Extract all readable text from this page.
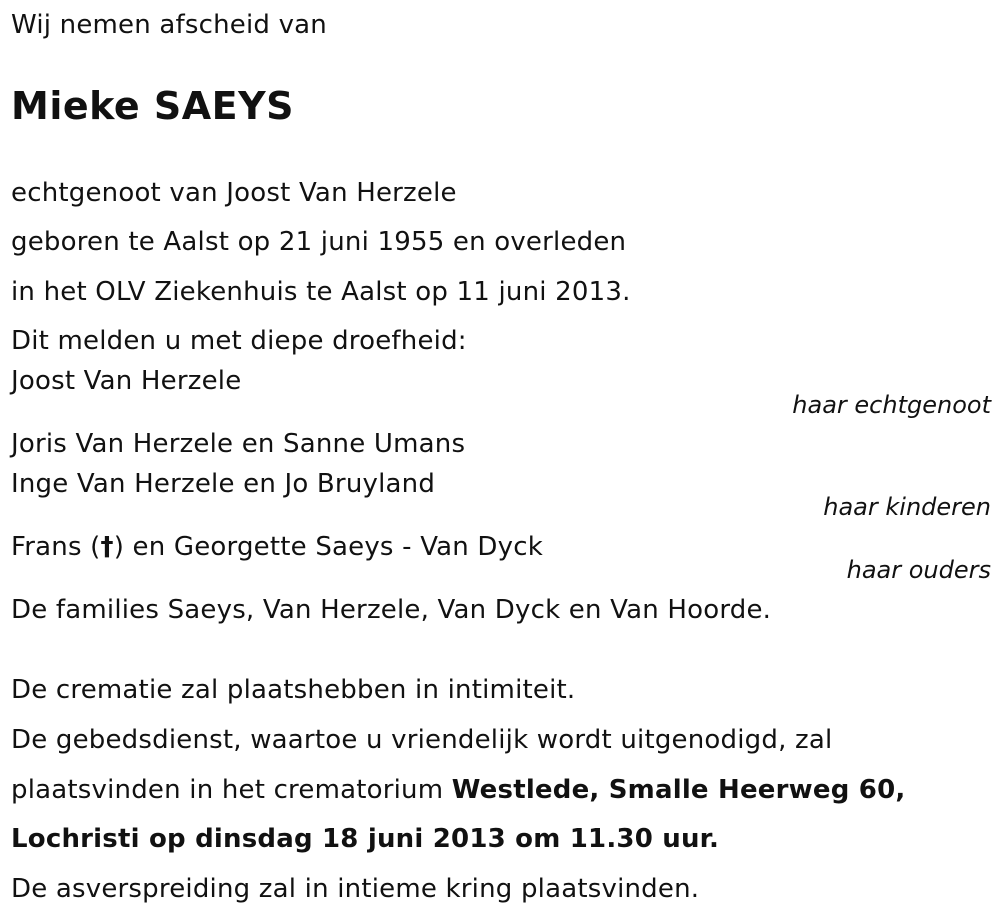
Wij nemen afscheid van
Mieke SAEYS
echtgenoot van Joost Van Herzele
geboren te Aalst op 21 juni 1955 en overleden
in het OLV Ziekenhuis te Aalst op 11 juni 2013.
Dit melden u met diepe droefheid:
Joost Van Herzele
haar echtgenoot
Joris Van Herzele en Sanne Umans
Inge Van Herzele en Jo Bruyland
haar kinderen
Frans (†) en Georgette Saeys - Van Dyck
haar ouders
De families Saeys, Van Herzele, Van Dyck en Van Hoorde.
De crematie zal plaatshebben in intimiteit.
De gebedsdienst, waartoe u vriendelijk wordt uitgenodigd, zal
plaatsvinden in het crematorium Westlede, Smalle Heerweg 60,
Lochristi op dinsdag 18 juni 2013 om 11.30 uur.
De asverspreiding zal in intieme kring plaatsvinden.
